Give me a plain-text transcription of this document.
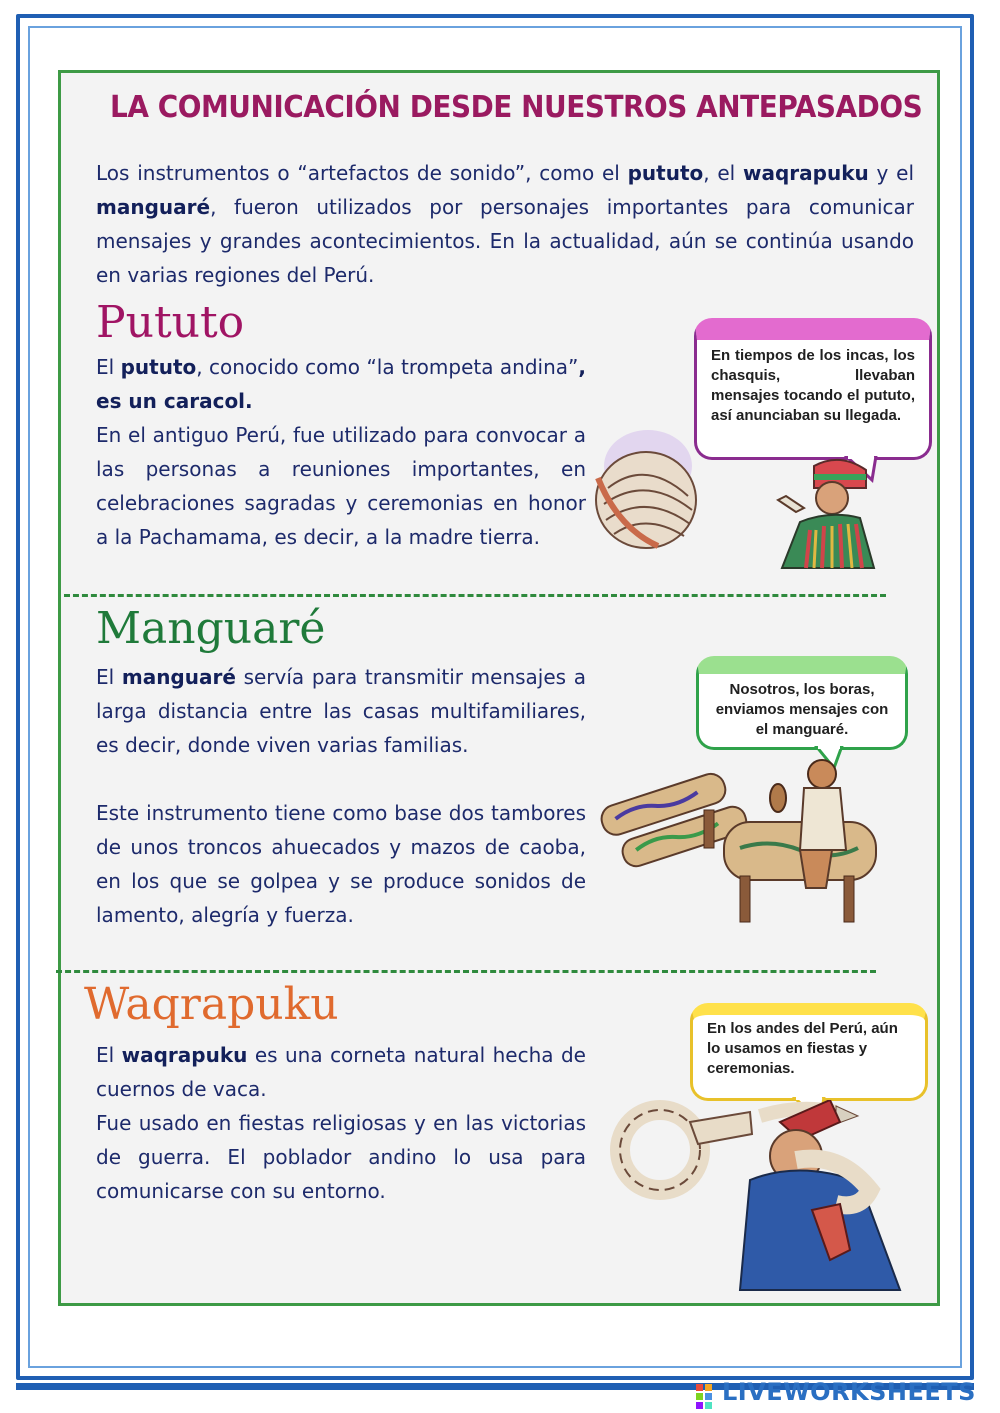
LA COMUNICACIÓN DESDE NUESTROS ANTEPASADOS
Los instrumentos o “artefactos de sonido”, como el pututo, el waqrapuku y el manguaré, fueron utilizados por personajes importantes para comunicar mensajes y grandes acontecimientos. En la actualidad, aún se continúa usando en varias regiones del Perú.
Pututo
El pututo, conocido como “la trompeta andina”, es un caracol.
En el antiguo Perú, fue utilizado para convocar a las personas a reuniones importantes, en celebraciones sagradas y ceremonias en honor a la Pachamama, es decir, a la madre tierra.
En tiempos de los incas, los chasquis, llevaban mensajes tocando el pututo, así anunciaban su llegada.
Manguaré
El manguaré servía para transmitir mensajes a larga distancia entre las casas multifamiliares, es decir, donde viven varias familias.
Este instrumento tiene como base dos tambores de unos troncos ahuecados y mazos de caoba, en los que se golpea y se produce sonidos de lamento, alegría y fuerza.
Nosotros, los boras, enviamos mensajes con el manguaré.
Waqrapuku
El waqrapuku es una corneta natural hecha de cuernos de vaca.
Fue usado en fiestas religiosas y en las victorias de guerra. El poblador andino lo usa para comunicarse con su entorno.
En los andes del Perú, aún lo usamos en fiestas y ceremonias.
LIVEWORKSHEETS
